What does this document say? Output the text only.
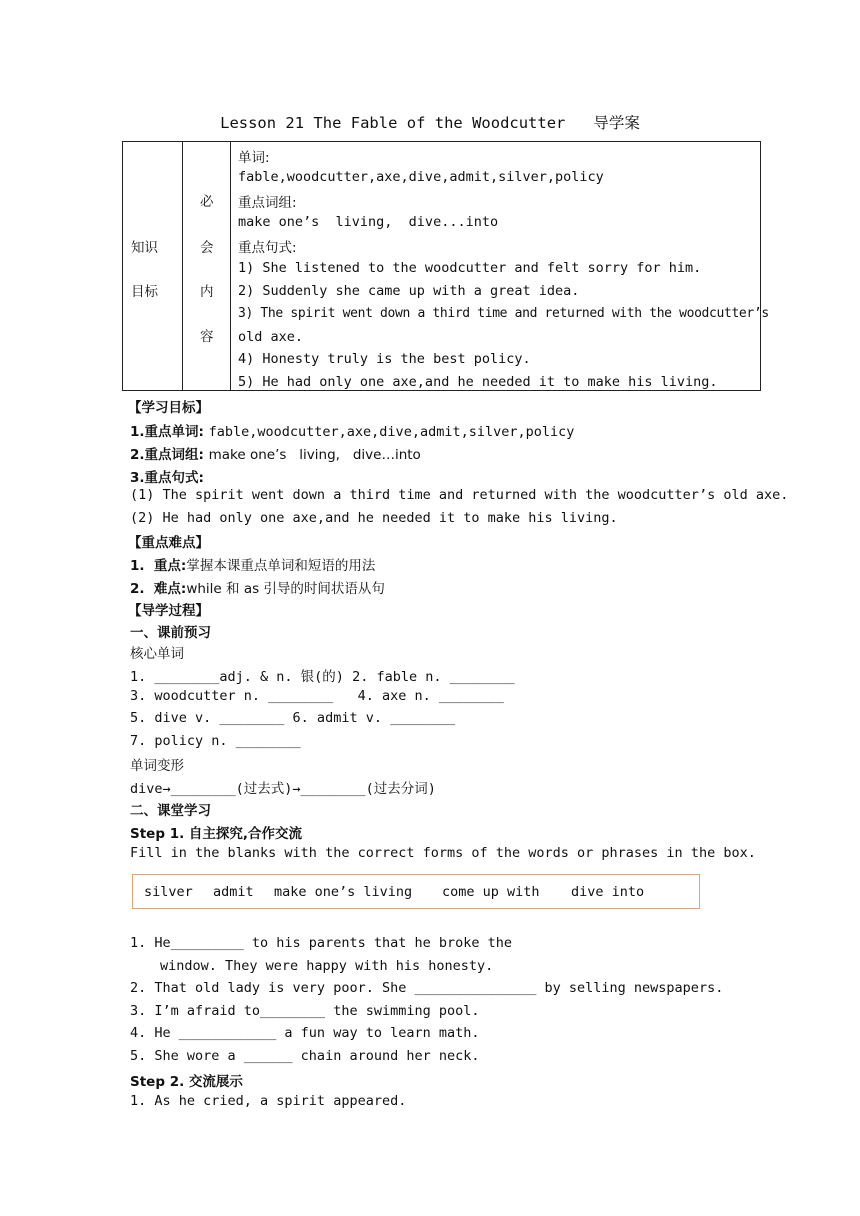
Lesson 21 The Fable of the Woodcutter   导学案
知识
目标
必
会
内
容
单词:
fable,woodcutter,axe,dive,admit,silver,policy
重点词组:
make one’s  living,  dive...into
重点句式:
1) She listened to the woodcutter and felt sorry for him.
2) Suddenly she came up with a great idea.
3) The spirit went down a third time and returned with the woodcutter’s
old axe.
4) Honesty truly is the best policy.
5) He had only one axe,and he needed it to make his living.
【学习目标】
1.重点单词: fable,woodcutter,axe,dive,admit,silver,policy
2.重点词组: make one’s   living,   dive…into
3.重点句式:
(1) The spirit went down a third time and returned with the woodcutter’s old axe.
(2) He had only one axe,and he needed it to make his living.
【重点难点】
1.  重点:掌握本课重点单词和短语的用法
2.  难点:while 和 as 引导的时间状语从句
【导学过程】
一、课前预习
核心单词
1. ________adj. & n. 银(的) 2. fable n. ________
3. woodcutter n. ________   4. axe n. ________
5. dive v. ________ 6. admit v. ________
7. policy n. ________
单词变形
dive→________(过去式)→________(过去分词)
二、课堂学习
Step 1. 自主探究,合作交流
Fill in the blanks with the correct forms of the words or phrases in the box.
silver admit make one’s living come up with dive into
1. He_________ to his parents that he broke the
window. They were happy with his honesty.
2. That old lady is very poor. She _______________ by selling newspapers.
3. I’m afraid to________ the swimming pool.
4. He ____________ a fun way to learn math.
5. She wore a ______ chain around her neck.
Step 2. 交流展示
1. As he cried, a spirit appeared.
